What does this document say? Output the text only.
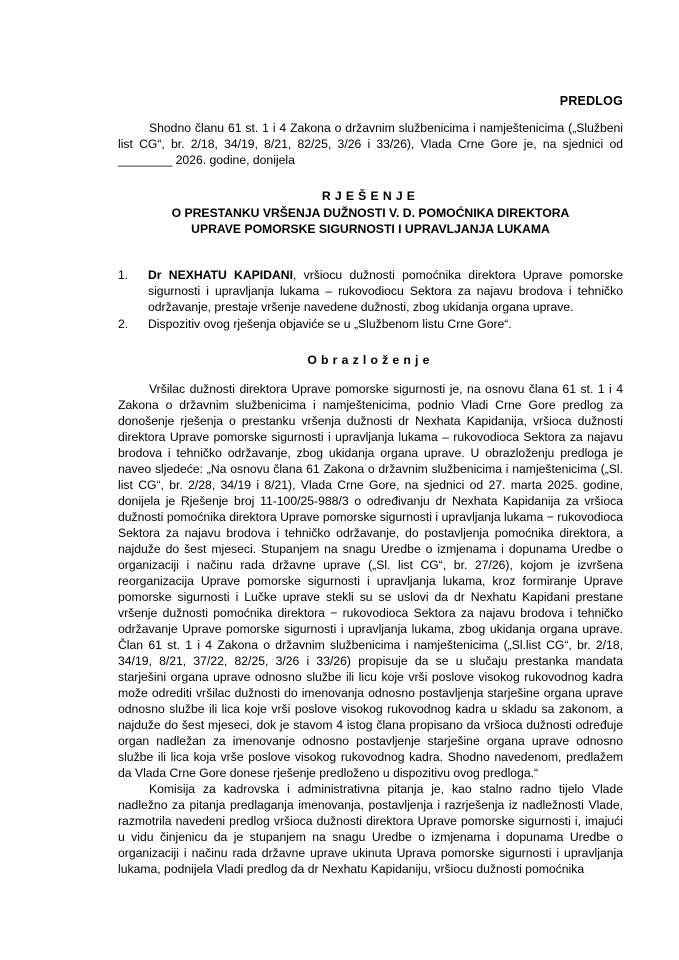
PREDLOG

Shodno članu 61 st. 1 i 4 Zakona o državnim službenicima i namještenicima („Službeni list CG“, br. 2/18, 34/19, 8/21, 82/25, 3/26 i 33/26), Vlada Crne Gore je, na sjednici od ________ 2026. godine, donijela

RJEŠENJE
O PRESTANKU VRŠENJA DUŽNOSTI V. D. POMOĆNIKA DIREKTORA
UPRAVE POMORSKE SIGURNOSTI I UPRAVLJANJA LUKAMA
1. Dr NEXHATU KAPIDANI, vršiocu dužnosti pomoćnika direktora Uprave pomorske sigurnosti i upravljanja lukama – rukovodiocu Sektora za najavu brodova i tehničko održavanje, prestaje vršenje navedene dužnosti, zbog ukidanja organa uprave.
2. Dispozitiv ovog rješenja objaviće se u „Službenom listu Crne Gore“.
Obrazloženje

Vršilac dužnosti direktora Uprave pomorske sigurnosti je, na osnovu člana 61 st. 1 i 4 Zakona o državnim službenicima i namještenicima, podnio Vladi Crne Gore predlog za donošenje rješenja o prestanku vršenja dužnosti dr Nexhata Kapidanija, vršioca dužnosti direktora Uprave pomorske sigurnosti i upravljanja lukama – rukovodioca Sektora za najavu brodova i tehničko održavanje, zbog ukidanja organa uprave. U obrazloženju predloga je naveo sljedeće: „Na osnovu člana 61 Zakona o državnim službenicima i namještenicima („Sl. list CG“, br. 2/28, 34/19 i 8/21), Vlada Crne Gore, na sjednici od 27. marta 2025. godine, donijela je Rješenje broj 11-100/25-988/3 o određivanju dr Nexhata Kapidanija za vršioca dužnosti pomoćnika direktora Uprave pomorske sigurnosti i upravljanja lukama − rukovodioca Sektora za najavu brodova i tehničko održavanje, do postavljenja pomoćnika direktora, a najduže do šest mjeseci. Stupanjem na snagu Uredbe o izmjenama i dopunama Uredbe o organizaciji i načinu rada državne uprave („Sl. list CG“, br. 27/26), kojom je izvršena reorganizacija Uprave pomorske sigurnosti i upravljanja lukama, kroz formiranje Uprave pomorske sigurnosti i Lučke uprave stekli su se uslovi da dr Nexhatu Kapidani prestane vršenje dužnosti pomoćnika direktora − rukovodioca Sektora za najavu brodova i tehničko održavanje Uprave pomorske sigurnosti i upravljanja lukama, zbog ukidanja organa uprave. Član 61 st. 1 i 4 Zakona o državnim službenicima i namještenicima („Sl.list CG“, br. 2/18, 34/19, 8/21, 37/22, 82/25, 3/26 i 33/26) propisuje da se u slučaju prestanka mandata starješini organa uprave odnosno službe ili licu koje vrši poslove visokog rukovodnog kadra može odrediti vršilac dužnosti do imenovanja odnosno postavljenja starješine organa uprave odnosno službe ili lica koje vrši poslove visokog rukovodnog kadra u skladu sa zakonom, a najduže do šest mjeseci, dok je stavom 4 istog člana propisano da vršioca dužnosti određuje organ nadležan za imenovanje odnosno postavljenje starješine organa uprave odnosno službe ili lica koja vrše poslove visokog rukovodnog kadra. Shodno navedenom, predlažem da Vlada Crne Gore donese rješenje predloženo u dispozitivu ovog predloga.“

Komisija za kadrovska i administrativna pitanja je, kao stalno radno tijelo Vlade nadležno za pitanja predlaganja imenovanja, postavljenja i razrješenja iz nadležnosti Vlade, razmotrila navedeni predlog vršioca dužnosti direktora Uprave pomorske sigurnosti i, imajući u vidu činjenicu da je stupanjem na snagu Uredbe o izmjenama i dopunama Uredbe o organizaciji i načinu rada državne uprave ukinuta Uprava pomorske sigurnosti i upravljanja lukama, podnijela Vladi predlog da dr Nexhatu Kapidaniju, vršiocu dužnosti pomoćnika
